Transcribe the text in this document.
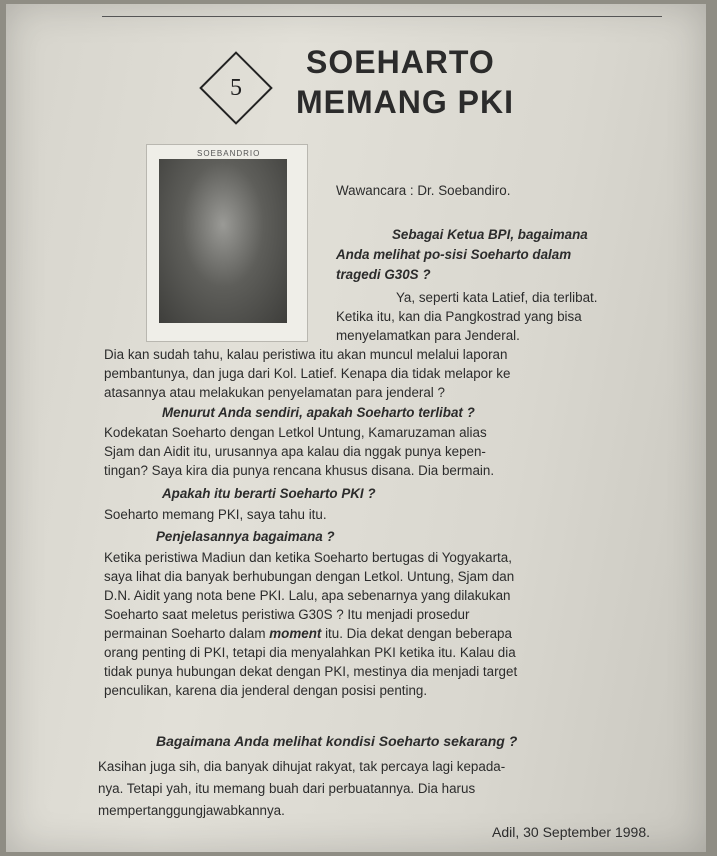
5
SOEHARTO
MEMANG PKI
SOEBANDRIO
Wawancara : Dr. Soebandiro.
Sebagai Ketua BPI, bagaimana
Anda melihat po-sisi Soeharto dalam
tragedi G30S ?
Ya, seperti kata Latief, dia terlibat.
Ketika itu, kan dia Pangkostrad yang bisa
menyelamatkan para Jenderal.
Dia kan sudah tahu, kalau peristiwa itu akan muncul melalui laporan
pembantunya, dan juga dari Kol. Latief. Kenapa dia tidak melapor ke
atasannya atau melakukan penyelamatan para jenderal ?
Menurut Anda sendiri, apakah Soeharto terlibat ?
Kodekatan Soeharto dengan Letkol Untung, Kamaruzaman alias
Sjam dan Aidit itu, urusannya apa kalau dia nggak punya kepen-
tingan? Saya kira dia punya rencana khusus disana. Dia bermain.
Apakah itu berarti Soeharto PKI ?
Soeharto memang PKI, saya tahu itu.
Penjelasannya bagaimana ?
Ketika peristiwa Madiun dan ketika Soeharto bertugas di Yogyakarta,
saya lihat dia banyak berhubungan dengan Letkol. Untung, Sjam dan
D.N. Aidit yang nota bene PKI. Lalu, apa sebenarnya yang dilakukan
Soeharto saat meletus peristiwa G30S ? Itu menjadi prosedur
permainan Soeharto dalam moment itu. Dia dekat dengan beberapa
orang penting di PKI, tetapi dia menyalahkan PKI ketika itu. Kalau dia
tidak punya hubungan dekat dengan PKI, mestinya dia menjadi target
penculikan, karena dia jenderal dengan posisi penting.
Bagaimana Anda melihat kondisi Soeharto sekarang ?
Kasihan juga sih, dia banyak dihujat rakyat, tak percaya lagi kepada-
nya. Tetapi yah, itu memang buah dari perbuatannya. Dia harus
mempertanggungjawabkannya.
Adil, 30 September 1998.
